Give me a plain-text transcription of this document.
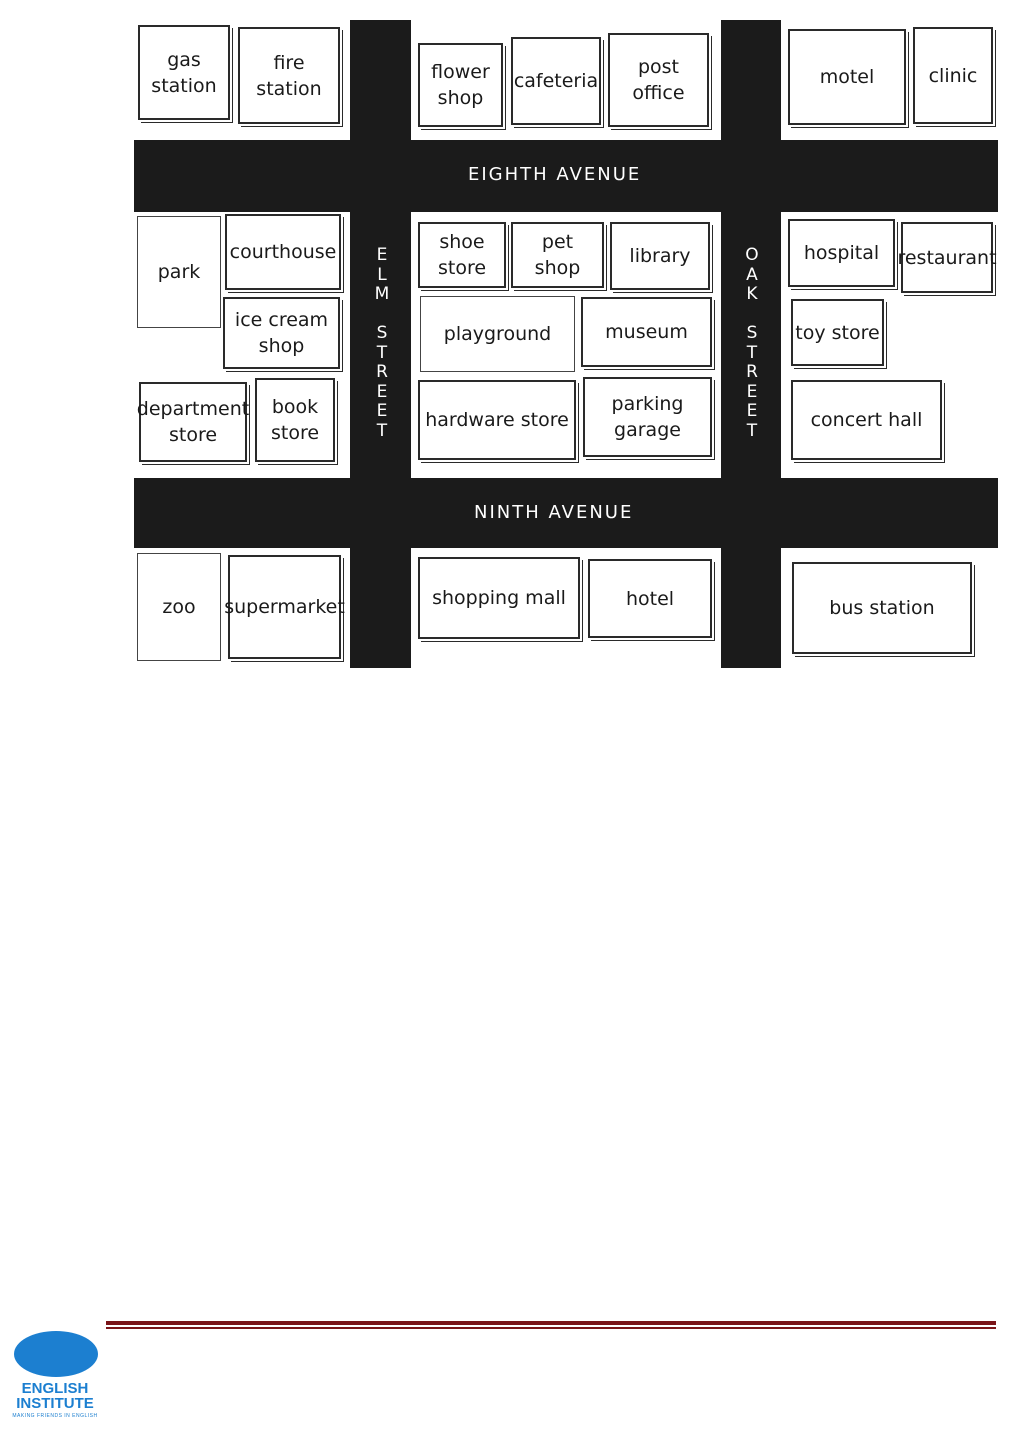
EIGHTH AVENUE
NINTH AVENUE
E
L
M

S
T
R
E
E
T
O
A
K

S
T
R
E
E
T
gas
station
fire
station
flower
shop
cafeteria
post
office
motel	clinic
park
courthouse
ice cream
shop
department
store
book
store
shoe
store
pet
shop
library
playground	museum
hardware store
parking
garage
hospital restaurant
toy store
concert hall
zoo supermarket	shopping mall	hotel	bus station
ENGLISH
INSTITUTE
MAKING FRIENDS IN ENGLISH
